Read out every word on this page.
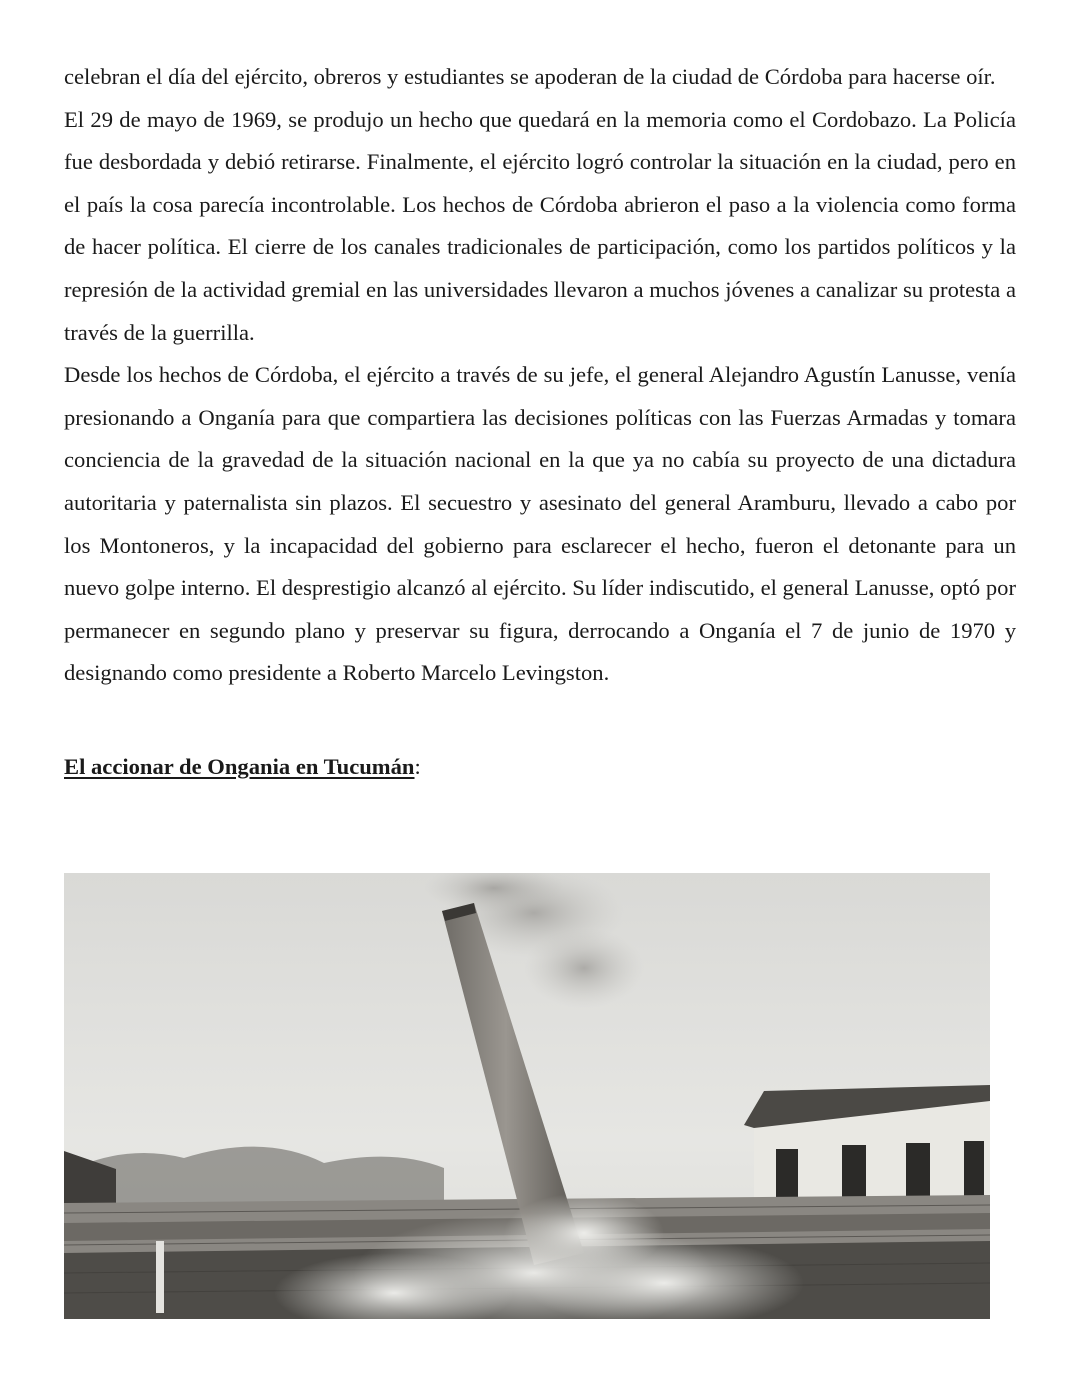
celebran el día del ejército, obreros y estudiantes se apoderan de la ciudad de Córdoba para hacerse oír.

El 29 de mayo de 1969, se produjo un hecho que quedará en la memoria como el Cordobazo. La Policía fue desbordada y debió retirarse. Finalmente, el ejército logró controlar la situación en la ciudad, pero en el país la cosa parecía incontrolable. Los hechos de Córdoba abrieron el paso a la violencia como forma de hacer política. El cierre de los canales tradicionales de participación, como los partidos políticos y la represión de la actividad gremial en las universidades llevaron a muchos jóvenes a canalizar su protesta a través de la guerrilla.

Desde los hechos de Córdoba, el ejército a través de su jefe, el general Alejandro Agustín Lanusse, venía presionando a Onganía para que compartiera las decisiones políticas con las Fuerzas Armadas y tomara conciencia de la gravedad de la situación nacional en la que ya no cabía su proyecto de una dictadura autoritaria y paternalista sin plazos. El secuestro y asesinato del general Aramburu, llevado a cabo por los Montoneros, y la incapacidad del gobierno para esclarecer el hecho, fueron el detonante para un nuevo golpe interno. El desprestigio alcanzó al ejército. Su líder indiscutido, el general Lanusse, optó por permanecer en segundo plano y preservar su figura, derrocando a Onganía el 7 de junio de 1970 y designando como presidente a Roberto Marcelo Levingston.

El accionar de Ongania en Tucumán:
